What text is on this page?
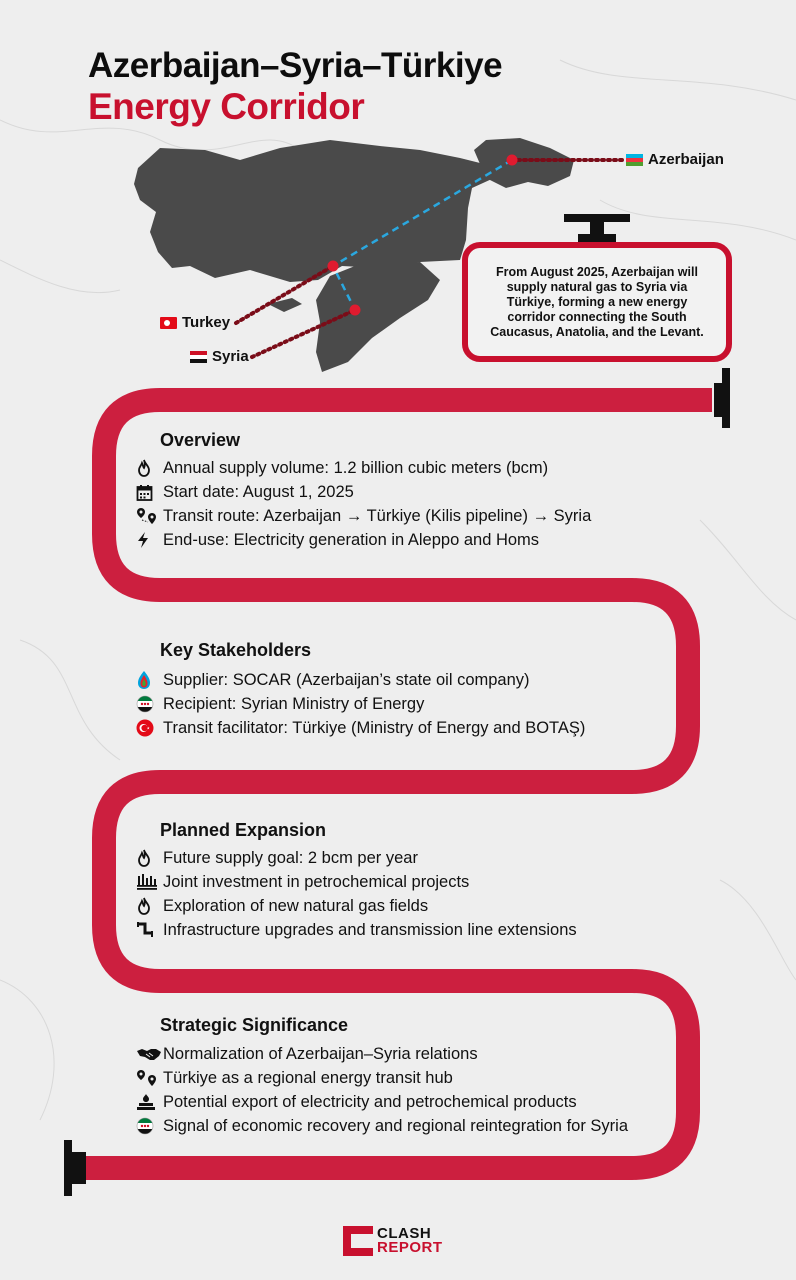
Azerbaijan–Syria–Türkiye
Energy Corridor
Azerbaijan
Turkey
Syria
From August 2025, Azerbaijan will supply natural gas to Syria via Türkiye, forming a new energy corridor connecting the South Caucasus, Anatolia, and the Levant.
Overview
Annual supply volume: 1.2 billion cubic meters (bcm)
Start date: August 1, 2025
Transit route: Azerbaijan → Türkiye (Kilis pipeline) → Syria
End-use: Electricity generation in Aleppo and Homs
Key Stakeholders
Supplier: SOCAR (Azerbaijan’s state oil company)
Recipient: Syrian Ministry of Energy
Transit facilitator: Türkiye (Ministry of Energy and BOTAŞ)
Planned Expansion
Future supply goal: 2 bcm per year
Joint investment in petrochemical projects
Exploration of new natural gas fields
Infrastructure upgrades and transmission line extensions
Strategic Significance
Normalization of Azerbaijan–Syria relations
Türkiye as a regional energy transit hub
Potential export of electricity and petrochemical products
Signal of economic recovery and regional reintegration for Syria
CLASH
REPORT
